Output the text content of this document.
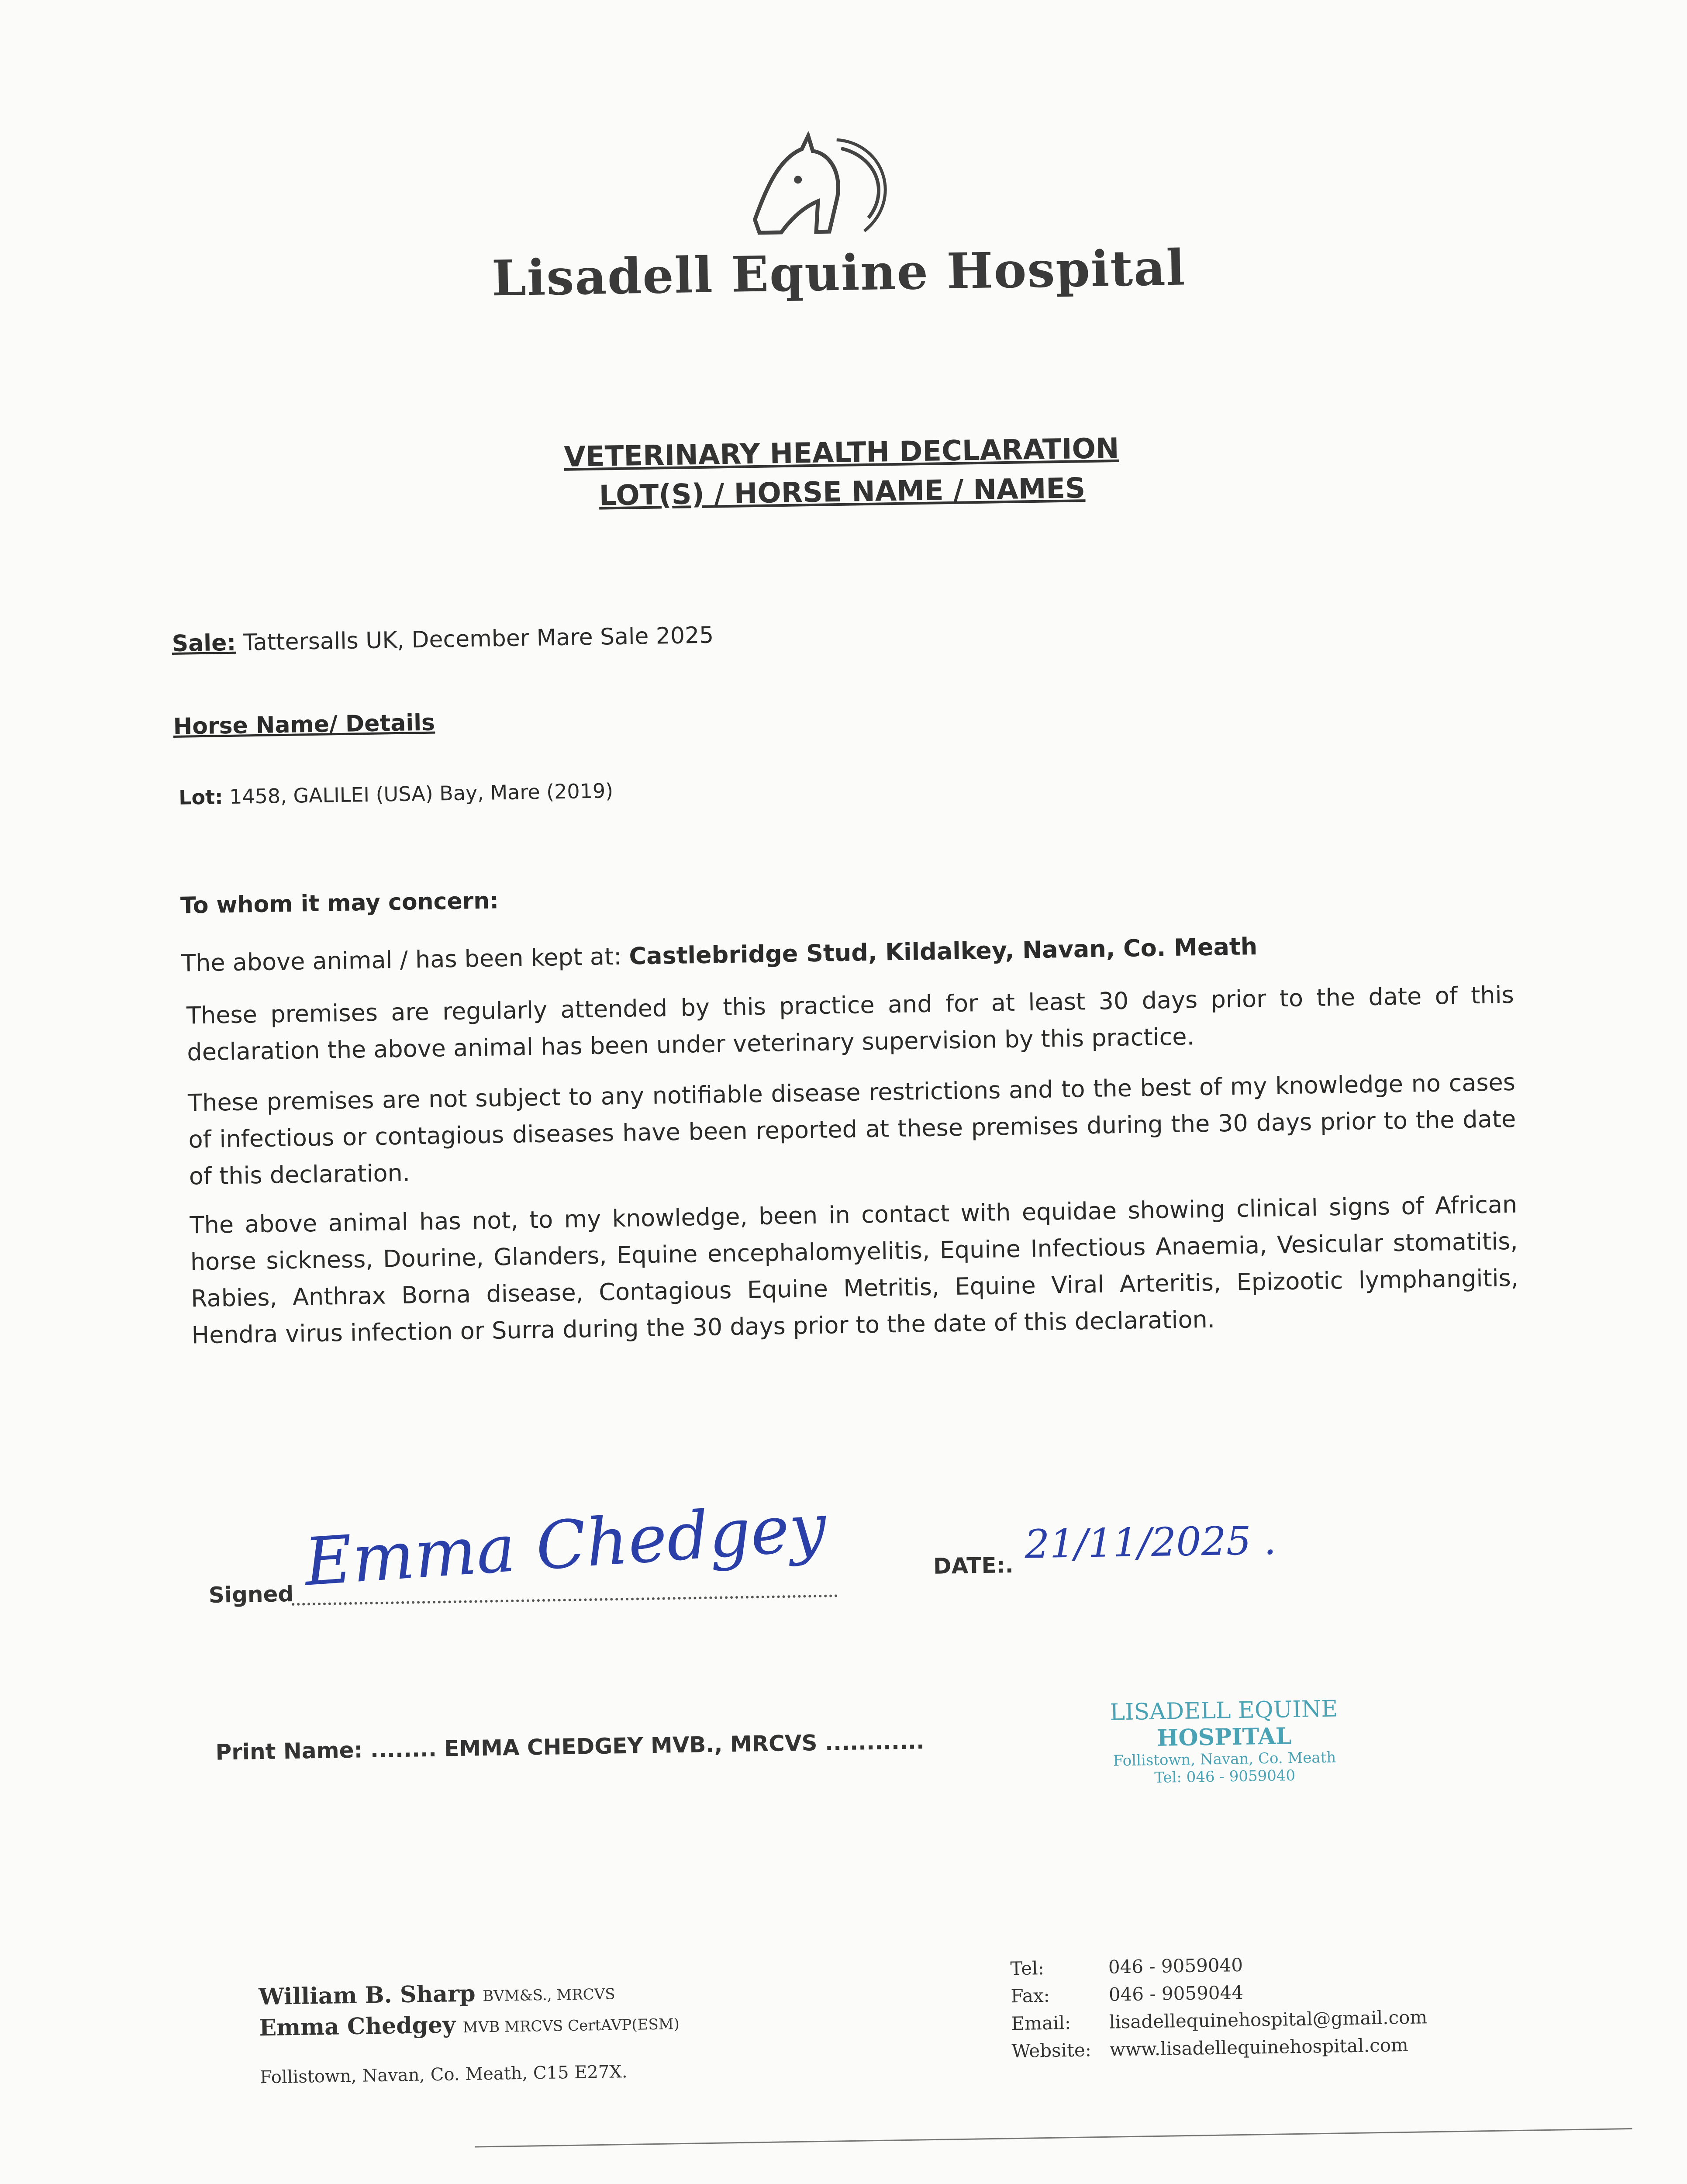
Lisadell Equine Hospital
VETERINARY HEALTH DECLARATION
LOT(S) / HORSE NAME / NAMES
Sale: Tattersalls UK, December Mare Sale 2025
Horse Name/ Details
Lot: 1458, GALILEI (USA) Bay, Mare (2019)
To whom it may concern:
The above animal / has been kept at: Castlebridge Stud, Kildalkey, Navan, Co. Meath
These premises are regularly attended by this practice and for at least 30 days prior to the date of this declaration the above animal has been under veterinary supervision by this practice.
These premises are not subject to any notifiable disease restrictions and to the best of my knowledge no cases of infectious or contagious diseases have been reported at these premises during the 30 days prior to the date of this declaration.
The above animal has not, to my knowledge, been in contact with equidae showing clinical signs of African horse sickness, Dourine, Glanders, Equine encephalomyelitis, Equine Infectious Anaemia, Vesicular stomatitis, Rabies, Anthrax Borna disease, Contagious Equine Metritis, Equine Viral Arteritis, Epizootic lymphangitis, Hendra virus infection or Surra during the 30 days prior to the date of this declaration.
Signed Emma Chedgey	DATE:. 21/11/2025 .
Print Name: ........ EMMA CHEDGEY MVB., MRCVS ............
LISADELL EQUINE
HOSPITAL
Follistown, Navan, Co. Meath
Tel: 046 - 9059040
William B. Sharp BVM&S., MRCVS
Emma Chedgey MVB MRCVS CertAVP(ESM)
Follistown, Navan, Co. Meath, C15 E27X.
Tel:	046 - 9059040
Fax:	046 - 9059044
Email:	lisadellequinehospital@gmail.com
Website:	www.lisadellequinehospital.com
